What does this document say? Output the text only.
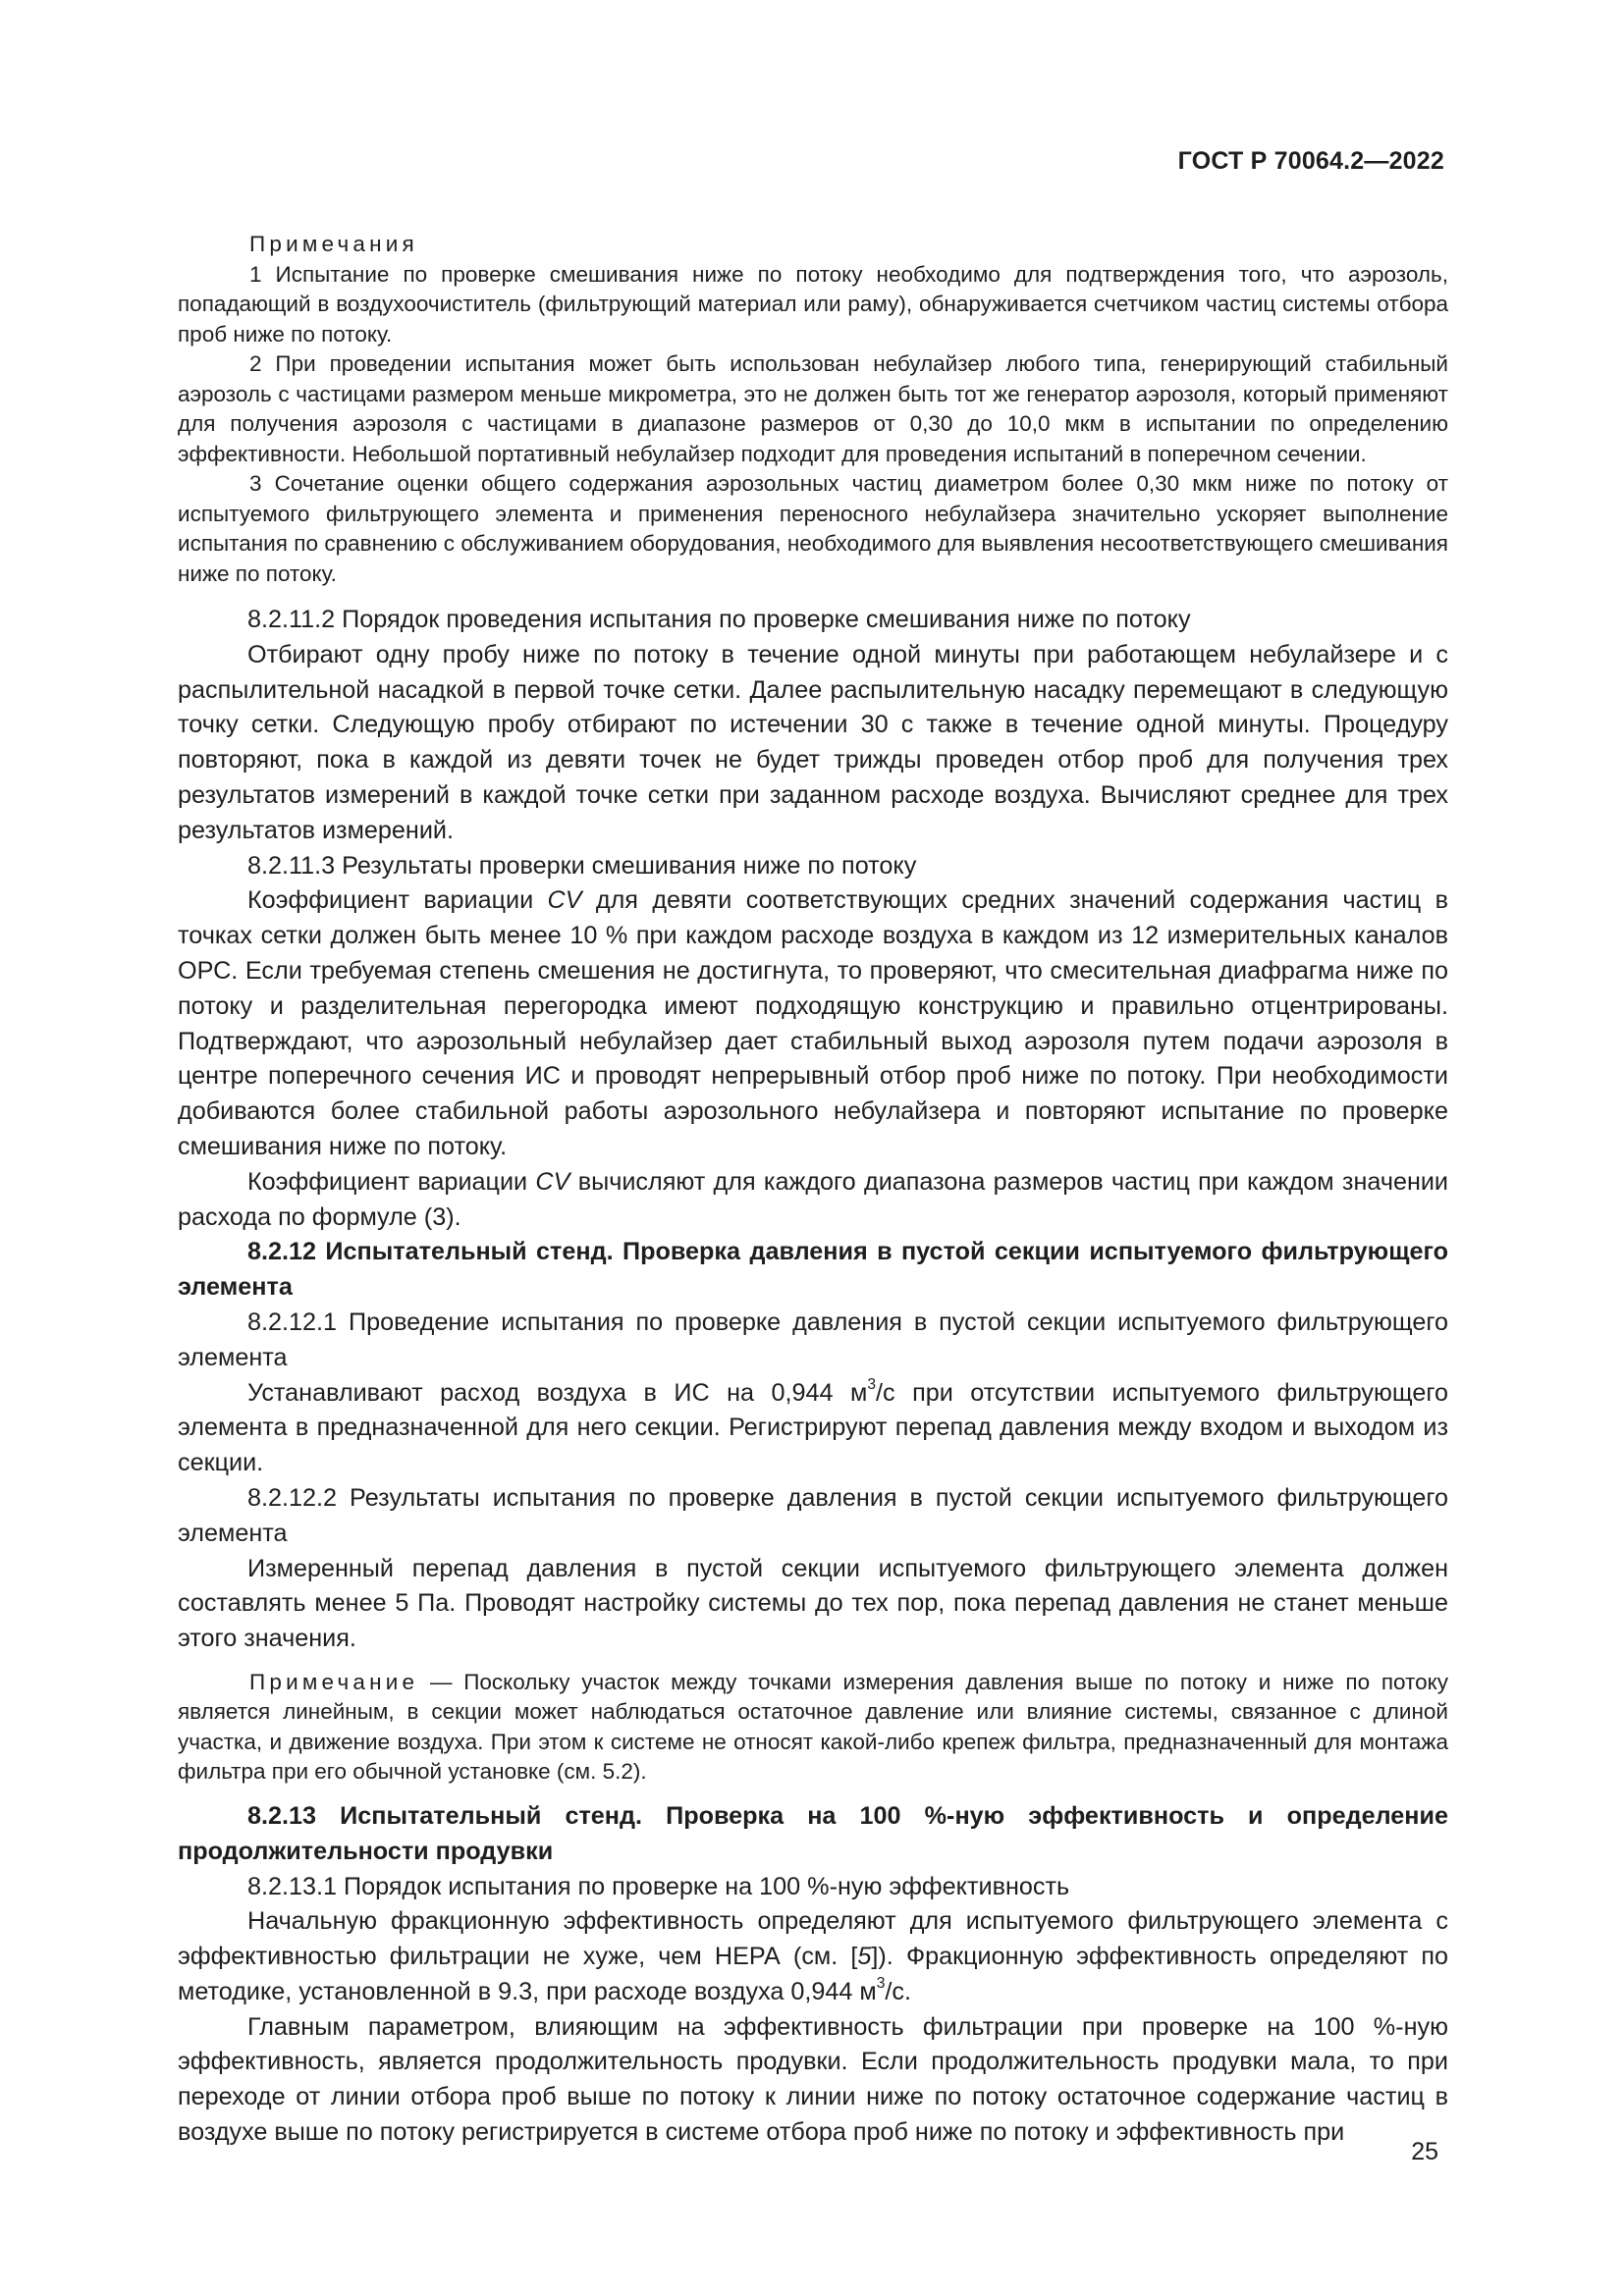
ГОСТ Р 70064.2—2022

Примечания

1 Испытание по проверке смешивания ниже по потоку необходимо для подтверждения того, что аэрозоль, попадающий в воздухоочиститель (фильтрующий материал или раму), обнаруживается счетчиком частиц системы отбора проб ниже по потоку.

2 При проведении испытания может быть использован небулайзер любого типа, генерирующий стабильный аэрозоль с частицами размером меньше микрометра, это не должен быть тот же генератор аэрозоля, который применяют для получения аэрозоля с частицами в диапазоне размеров от 0,30 до 10,0 мкм в испытании по определению эффективности. Небольшой портативный небулайзер подходит для проведения испытаний в поперечном сечении.

3 Сочетание оценки общего содержания аэрозольных частиц диаметром более 0,30 мкм ниже по потоку от испытуемого фильтрующего элемента и применения переносного небулайзера значительно ускоряет выполнение испытания по сравнению с обслуживанием оборудования, необходимого для выявления несоответствующего смешивания ниже по потоку.

8.2.11.2 Порядок проведения испытания по проверке смешивания ниже по потоку

Отбирают одну пробу ниже по потоку в течение одной минуты при работающем небулайзере и с распылительной насадкой в первой точке сетки. Далее распылительную насадку перемещают в следующую точку сетки. Следующую пробу отбирают по истечении 30 с также в течение одной минуты. Процедуру повторяют, пока в каждой из девяти точек не будет трижды проведен отбор проб для получения трех результатов измерений в каждой точке сетки при заданном расходе воздуха. Вычисляют среднее для трех результатов измерений.

8.2.11.3 Результаты проверки смешивания ниже по потоку

Коэффициент вариации CV для девяти соответствующих средних значений содержания частиц в точках сетки должен быть менее 10 % при каждом расходе воздуха в каждом из 12 измерительных каналов ОРС. Если требуемая степень смешения не достигнута, то проверяют, что смесительная диафрагма ниже по потоку и разделительная перегородка имеют подходящую конструкцию и правильно отцентрированы. Подтверждают, что аэрозольный небулайзер дает стабильный выход аэрозоля путем подачи аэрозоля в центре поперечного сечения ИС и проводят непрерывный отбор проб ниже по потоку. При необходимости добиваются более стабильной работы аэрозольного небулайзера и повторяют испытание по проверке смешивания ниже по потоку.

Коэффициент вариации CV вычисляют для каждого диапазона размеров частиц при каждом значении расхода по формуле (3).

8.2.12 Испытательный стенд. Проверка давления в пустой секции испытуемого фильтрующего элемента

8.2.12.1 Проведение испытания по проверке давления в пустой секции испытуемого фильтрующего элемента

Устанавливают расход воздуха в ИС на 0,944 $м^3/с$ при отсутствии испытуемого фильтрующего элемента в предназначенной для него секции. Регистрируют перепад давления между входом и выходом из секции.

8.2.12.2 Результаты испытания по проверке давления в пустой секции испытуемого фильтрующего элемента

Измеренный перепад давления в пустой секции испытуемого фильтрующего элемента должен составлять менее 5 Па. Проводят настройку системы до тех пор, пока перепад давления не станет меньше этого значения.

Примечание — Поскольку участок между точками измерения давления выше по потоку и ниже по потоку является линейным, в секции может наблюдаться остаточное давление или влияние системы, связанное с длиной участка, и движение воздуха. При этом к системе не относят какой-либо крепеж фильтра, предназначенный для монтажа фильтра при его обычной установке (см. 5.2).

8.2.13 Испытательный стенд. Проверка на 100 %-ную эффективность и определение продолжительности продувки

8.2.13.1 Порядок испытания по проверке на 100 %-ную эффективность

Начальную фракционную эффективность определяют для испытуемого фильтрующего элемента с эффективностью фильтрации не хуже, чем НЕРА (см. [5]). Фракционную эффективность определяют по методике, установленной в 9.3, при расходе воздуха 0,944 $м^3/с$.

Главным параметром, влияющим на эффективность фильтрации при проверке на 100 %-ную эффективность, является продолжительность продувки. Если продолжительность продувки мала, то при переходе от линии отбора проб выше по потоку к линии ниже по потоку остаточное содержание частиц в воздухе выше по потоку регистрируется в системе отбора проб ниже по потоку и эффективность при

25
